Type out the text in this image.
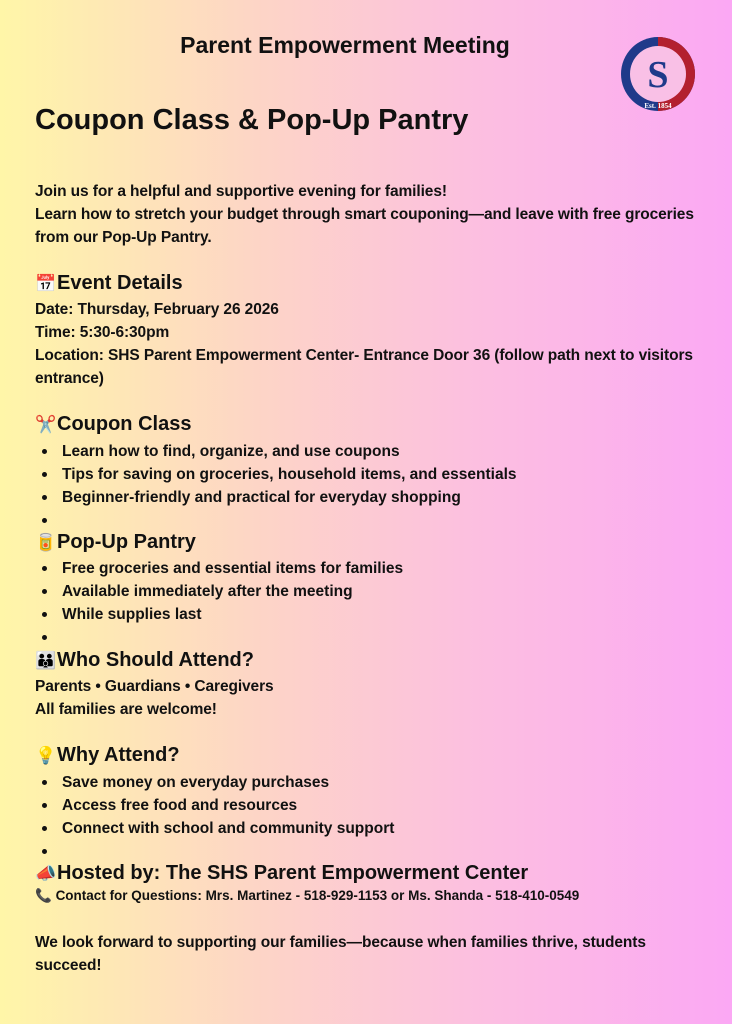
Parent Empowerment Meeting
S
Est. 1854
Coupon Class & Pop-Up Pantry
Join us for a helpful and supportive evening for families!
Learn how to stretch your budget through smart couponing—and leave with free groceries from our Pop-Up Pantry.
📅Event Details
Date: Thursday, February 26 2026
Time: 5:30-6:30pm
Location: SHS Parent Empowerment Center- Entrance Door 36 (follow path next to visitors entrance)
✂️Coupon Class
Learn how to find, organize, and use coupons
Tips for saving on groceries, household items, and essentials
Beginner-friendly and practical for everyday shopping
🥫Pop-Up Pantry
Free groceries and essential items for families
Available immediately after the meeting
While supplies last
👪Who Should Attend?
Parents • Guardians • Caregivers
All families are welcome!
💡Why Attend?
Save money on everyday purchases
Access free food and resources
Connect with school and community support
📣Hosted by: The SHS Parent Empowerment Center
📞 Contact for Questions: Mrs. Martinez - 518-929-1153 or Ms. Shanda - 518-410-0549
We look forward to supporting our families—because when families thrive, students succeed!
